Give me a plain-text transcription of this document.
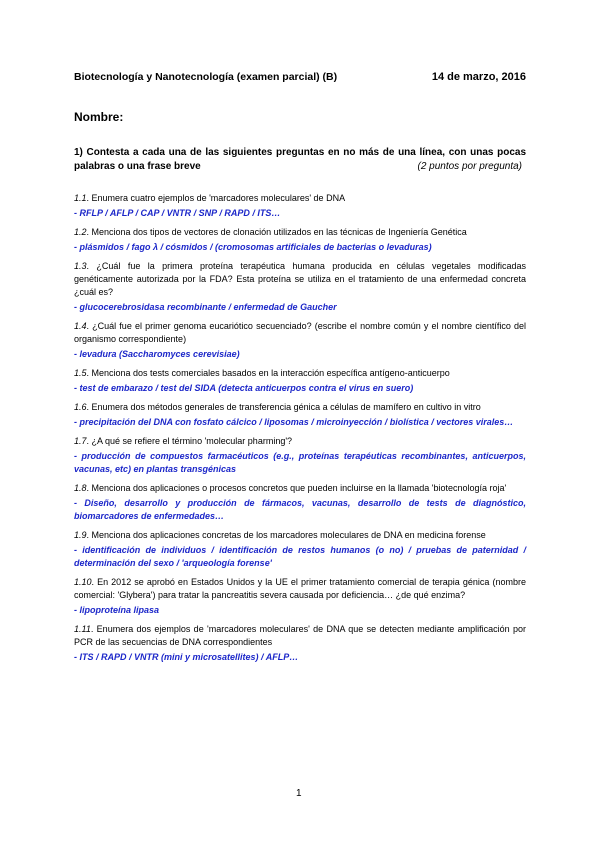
Biotecnología y Nanotecnología (examen parcial) (B)	14 de marzo, 2016
Nombre:
1) Contesta a cada una de las siguientes preguntas en no más de una línea, con unas pocas palabras o una frase breve	(2 puntos por pregunta)

1.1. Enumera cuatro ejemplos de 'marcadores moleculares' de DNA

- RFLP / AFLP / CAP / VNTR / SNP / RAPD / ITS…

1.2. Menciona dos tipos de vectores de clonación utilizados en las técnicas de Ingeniería Genética

- plásmidos / fago λ / cósmidos / (cromosomas artificiales de bacterias o levaduras)

1.3. ¿Cuál fue la primera proteína terapéutica humana producida en células vegetales modificadas genéticamente autorizada por la FDA? Esta proteína se utiliza en el tratamiento de una enfermedad concreta ¿cuál es?

- glucocerebrosidasa recombinante / enfermedad de Gaucher

1.4. ¿Cuál fue el primer genoma eucariótico secuenciado? (escribe el nombre común y el nombre científico del organismo correspondiente)

- levadura (Saccharomyces cerevisiae)

1.5. Menciona dos tests comerciales basados en la interacción específica antígeno-anticuerpo

- test de embarazo / test del SIDA (detecta anticuerpos contra el virus en suero)

1.6. Enumera dos métodos generales de transferencia génica a células de mamífero en cultivo in vitro

- precipitación del DNA con fosfato cálcico / liposomas / microinyección / biolística / vectores virales…

1.7. ¿A qué se refiere el término 'molecular pharming'?

- producción de compuestos farmacéuticos (e.g., proteínas terapéuticas recombinantes, anticuerpos, vacunas, etc) en plantas transgénicas

1.8. Menciona dos aplicaciones o procesos concretos que pueden incluirse en la llamada 'biotecnología roja'

- Diseño, desarrollo y producción de fármacos, vacunas, desarrollo de tests de diagnóstico, biomarcadores de enfermedades…

1.9. Menciona dos aplicaciones concretas de los marcadores moleculares de DNA en medicina forense

- identificación de individuos / identificación de restos humanos (o no) / pruebas de paternidad / determinación del sexo / 'arqueología forense'

1.10. En 2012 se aprobó en Estados Unidos y la UE el primer tratamiento comercial de terapia génica (nombre comercial: 'Glybera') para tratar la pancreatitis severa causada por deficiencia… ¿de qué enzima?

- lipoproteína lipasa

1.11. Enumera dos ejemplos de 'marcadores moleculares' de DNA que se detecten mediante amplificación por PCR de las secuencias de DNA correspondientes

- ITS / RAPD / VNTR (mini y microsatellites) / AFLP…

1
